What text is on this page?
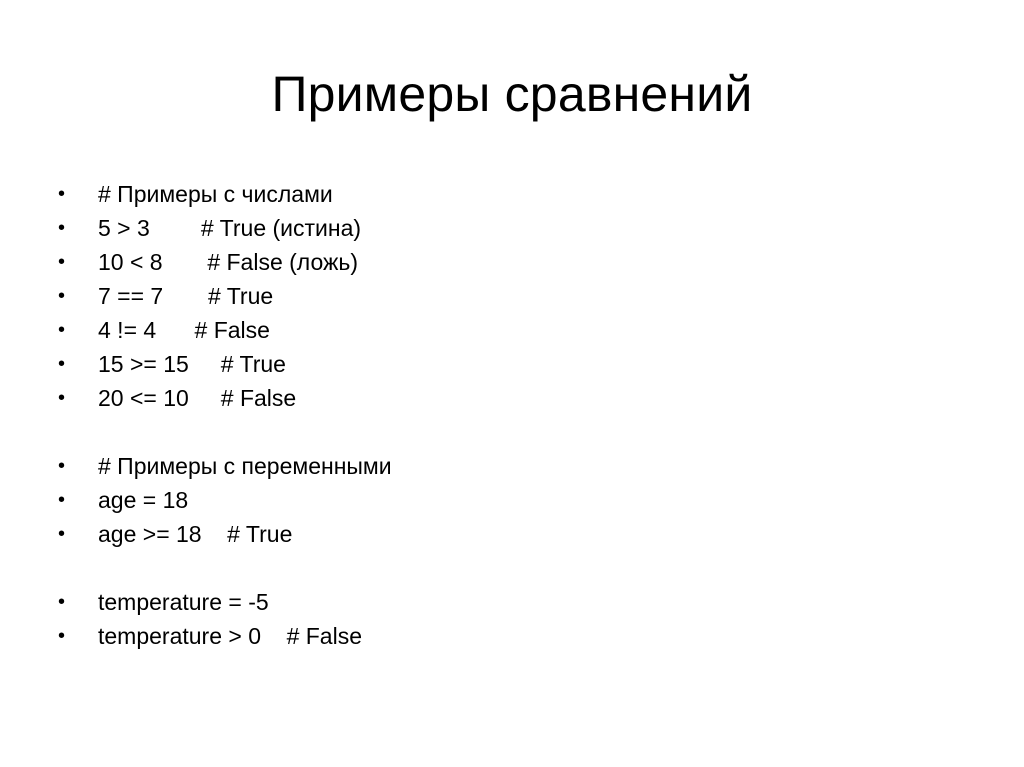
Примеры сравнений
•	# Примеры с числами
•	5 > 3        # True (истина)
•	10 < 8       # False (ложь)
•	7 == 7       # True
•	4 != 4      # False
•	15 >= 15     # True
•	20 <= 10     # False
•	# Примеры с переменными
•	age = 18
•	age >= 18    # True
•	temperature = -5
•	temperature > 0    # False
